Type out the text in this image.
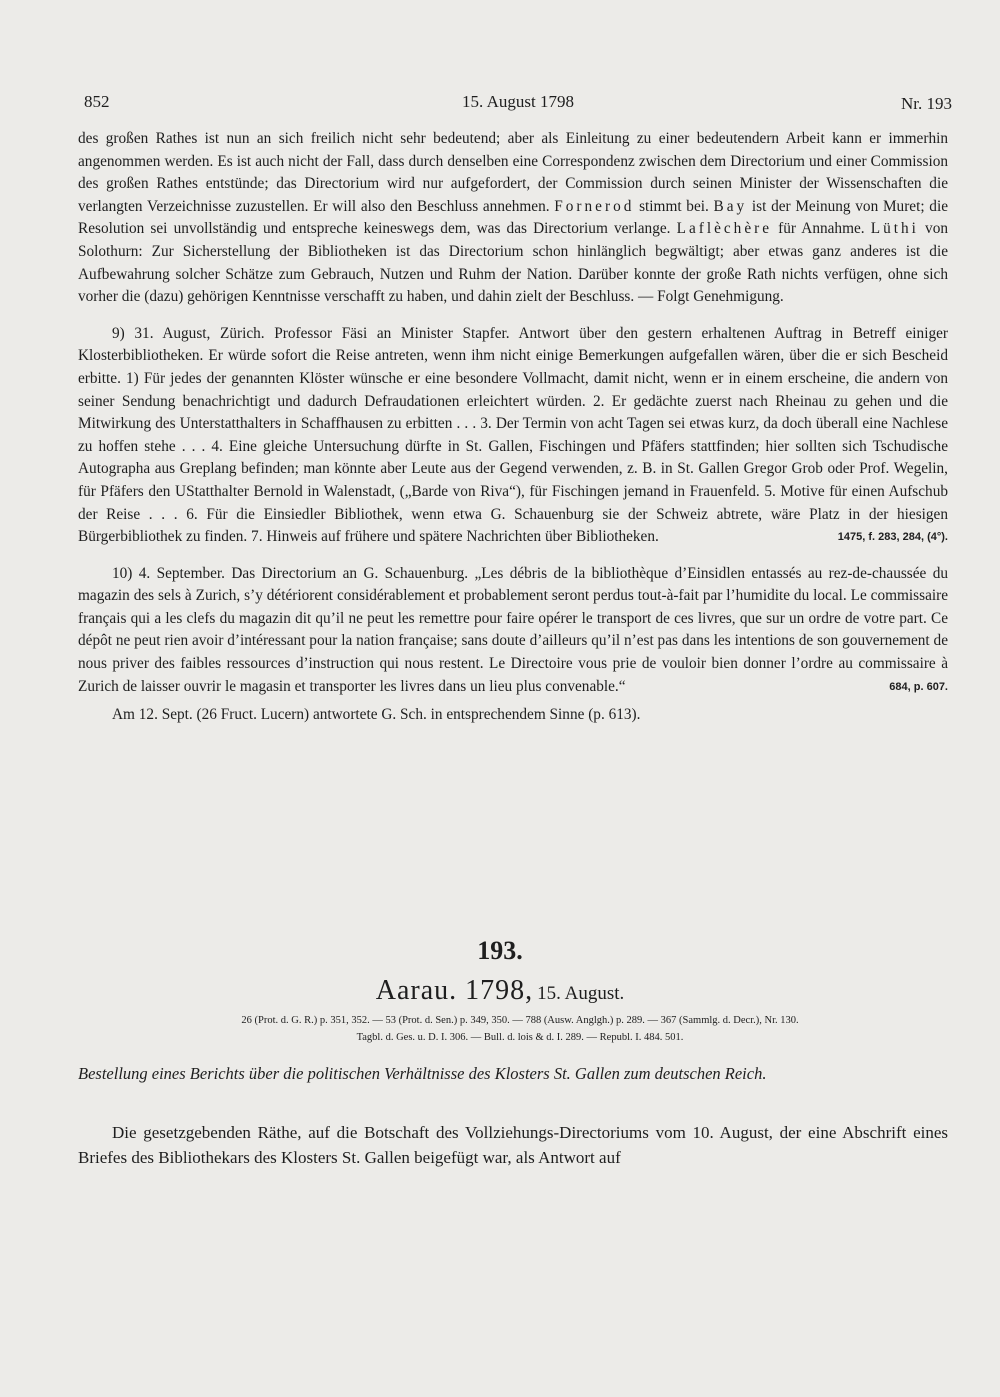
852	15. August 1798	Nr. 193

des großen Rathes ist nun an sich freilich nicht sehr bedeutend; aber als Einleitung zu einer bedeutendern Arbeit kann er immerhin angenommen werden. Es ist auch nicht der Fall, dass durch denselben eine Correspondenz zwischen dem Directorium und einer Commission des großen Rathes entstünde; das Directorium wird nur aufgefordert, der Commission durch seinen Minister der Wissenschaften die verlangten Verzeichnisse zuzustellen. Er will also den Beschluss annehmen. Fornerod stimmt bei. Bay ist der Meinung von Muret; die Resolution sei unvollständig und entspreche keineswegs dem, was das Directorium verlange. Laflèchère für Annahme. Lüthi von Solothurn: Zur Sicherstellung der Bibliotheken ist das Directorium schon hinlänglich begwältigt; aber etwas ganz anderes ist die Aufbewahrung solcher Schätze zum Gebrauch, Nutzen und Ruhm der Nation. Darüber konnte der große Rath nichts verfügen, ohne sich vorher die (dazu) gehörigen Kenntnisse verschafft zu haben, und dahin zielt der Beschluss. — Folgt Genehmigung.

9) 31. August, Zürich. Professor Fäsi an Minister Stapfer. Antwort über den gestern erhaltenen Auftrag in Betreff einiger Klosterbibliotheken. Er würde sofort die Reise antreten, wenn ihm nicht einige Bemerkungen aufgefallen wären, über die er sich Bescheid erbitte. 1) Für jedes der genannten Klöster wünsche er eine besondere Vollmacht, damit nicht, wenn er in einem erscheine, die andern von seiner Sendung benachrichtigt und dadurch Defraudationen erleichtert würden. 2. Er gedächte zuerst nach Rheinau zu gehen und die Mitwirkung des Unterstatthalters in Schaffhausen zu erbitten . . . 3. Der Termin von acht Tagen sei etwas kurz, da doch überall eine Nachlese zu hoffen stehe . . . 4. Eine gleiche Untersuchung dürfte in St. Gallen, Fischingen und Pfäfers stattfinden; hier sollten sich Tschudische Autographa aus Greplang befinden; man könnte aber Leute aus der Gegend verwenden, z. B. in St. Gallen Gregor Grob oder Prof. Wegelin, für Pfäfers den UStatthalter Bernold in Walenstadt, („Barde von Riva“), für Fischingen jemand in Frauenfeld. 5. Motive für einen Aufschub der Reise . . . 6. Für die Einsiedler Bibliothek, wenn etwa G. Schauenburg sie der Schweiz abtrete, wäre Platz in der hiesigen Bürgerbibliothek zu finden. 7. Hinweis auf frühere und spätere Nachrichten über Bibliotheken.	1475, f. 283, 284, (4°).

10) 4. September. Das Directorium an G. Schauenburg. „Les débris de la bibliothèque d’Einsidlen entassés au rez-de-chaussée du magazin des sels à Zurich, s’y détériorent considérablement et probablement seront perdus tout-à-fait par l’humidite du local. Le commissaire français qui a les clefs du magazin dit qu’il ne peut les remettre pour faire opérer le transport de ces livres, que sur un ordre de votre part. Ce dépôt ne peut rien avoir d’intéressant pour la nation française; sans doute d’ailleurs qu’il n’est pas dans les intentions de son gouvernement de nous priver des faibles ressources d’instruction qui nous restent. Le Directoire vous prie de vouloir bien donner l’ordre au commissaire à Zurich de laisser ouvrir le magasin et transporter les livres dans un lieu plus convenable.“	684, p. 607.

Am 12. Sept. (26 Fruct. Lucern) antwortete G. Sch. in entsprechendem Sinne (p. 613).

193.
Aarau. 1798, 15. August.
26 (Prot. d. G. R.) p. 351, 352. — 53 (Prot. d. Sen.) p. 349, 350. — 788 (Ausw. Anglgh.) p. 289. — 367 (Sammlg. d. Decr.), Nr. 130.
Tagbl. d. Ges. u. D. I. 306. — Bull. d. lois & d. I. 289. — Republ. I. 484. 501.
Bestellung eines Berichts über die politischen Verhältnisse des Klosters St. Gallen zum deutschen Reich.
Die gesetzgebenden Räthe, auf die Botschaft des Vollziehungs-Directoriums vom 10. August, der eine Abschrift eines Briefes des Bibliothekars des Klosters St. Gallen beigefügt war, als Antwort auf
